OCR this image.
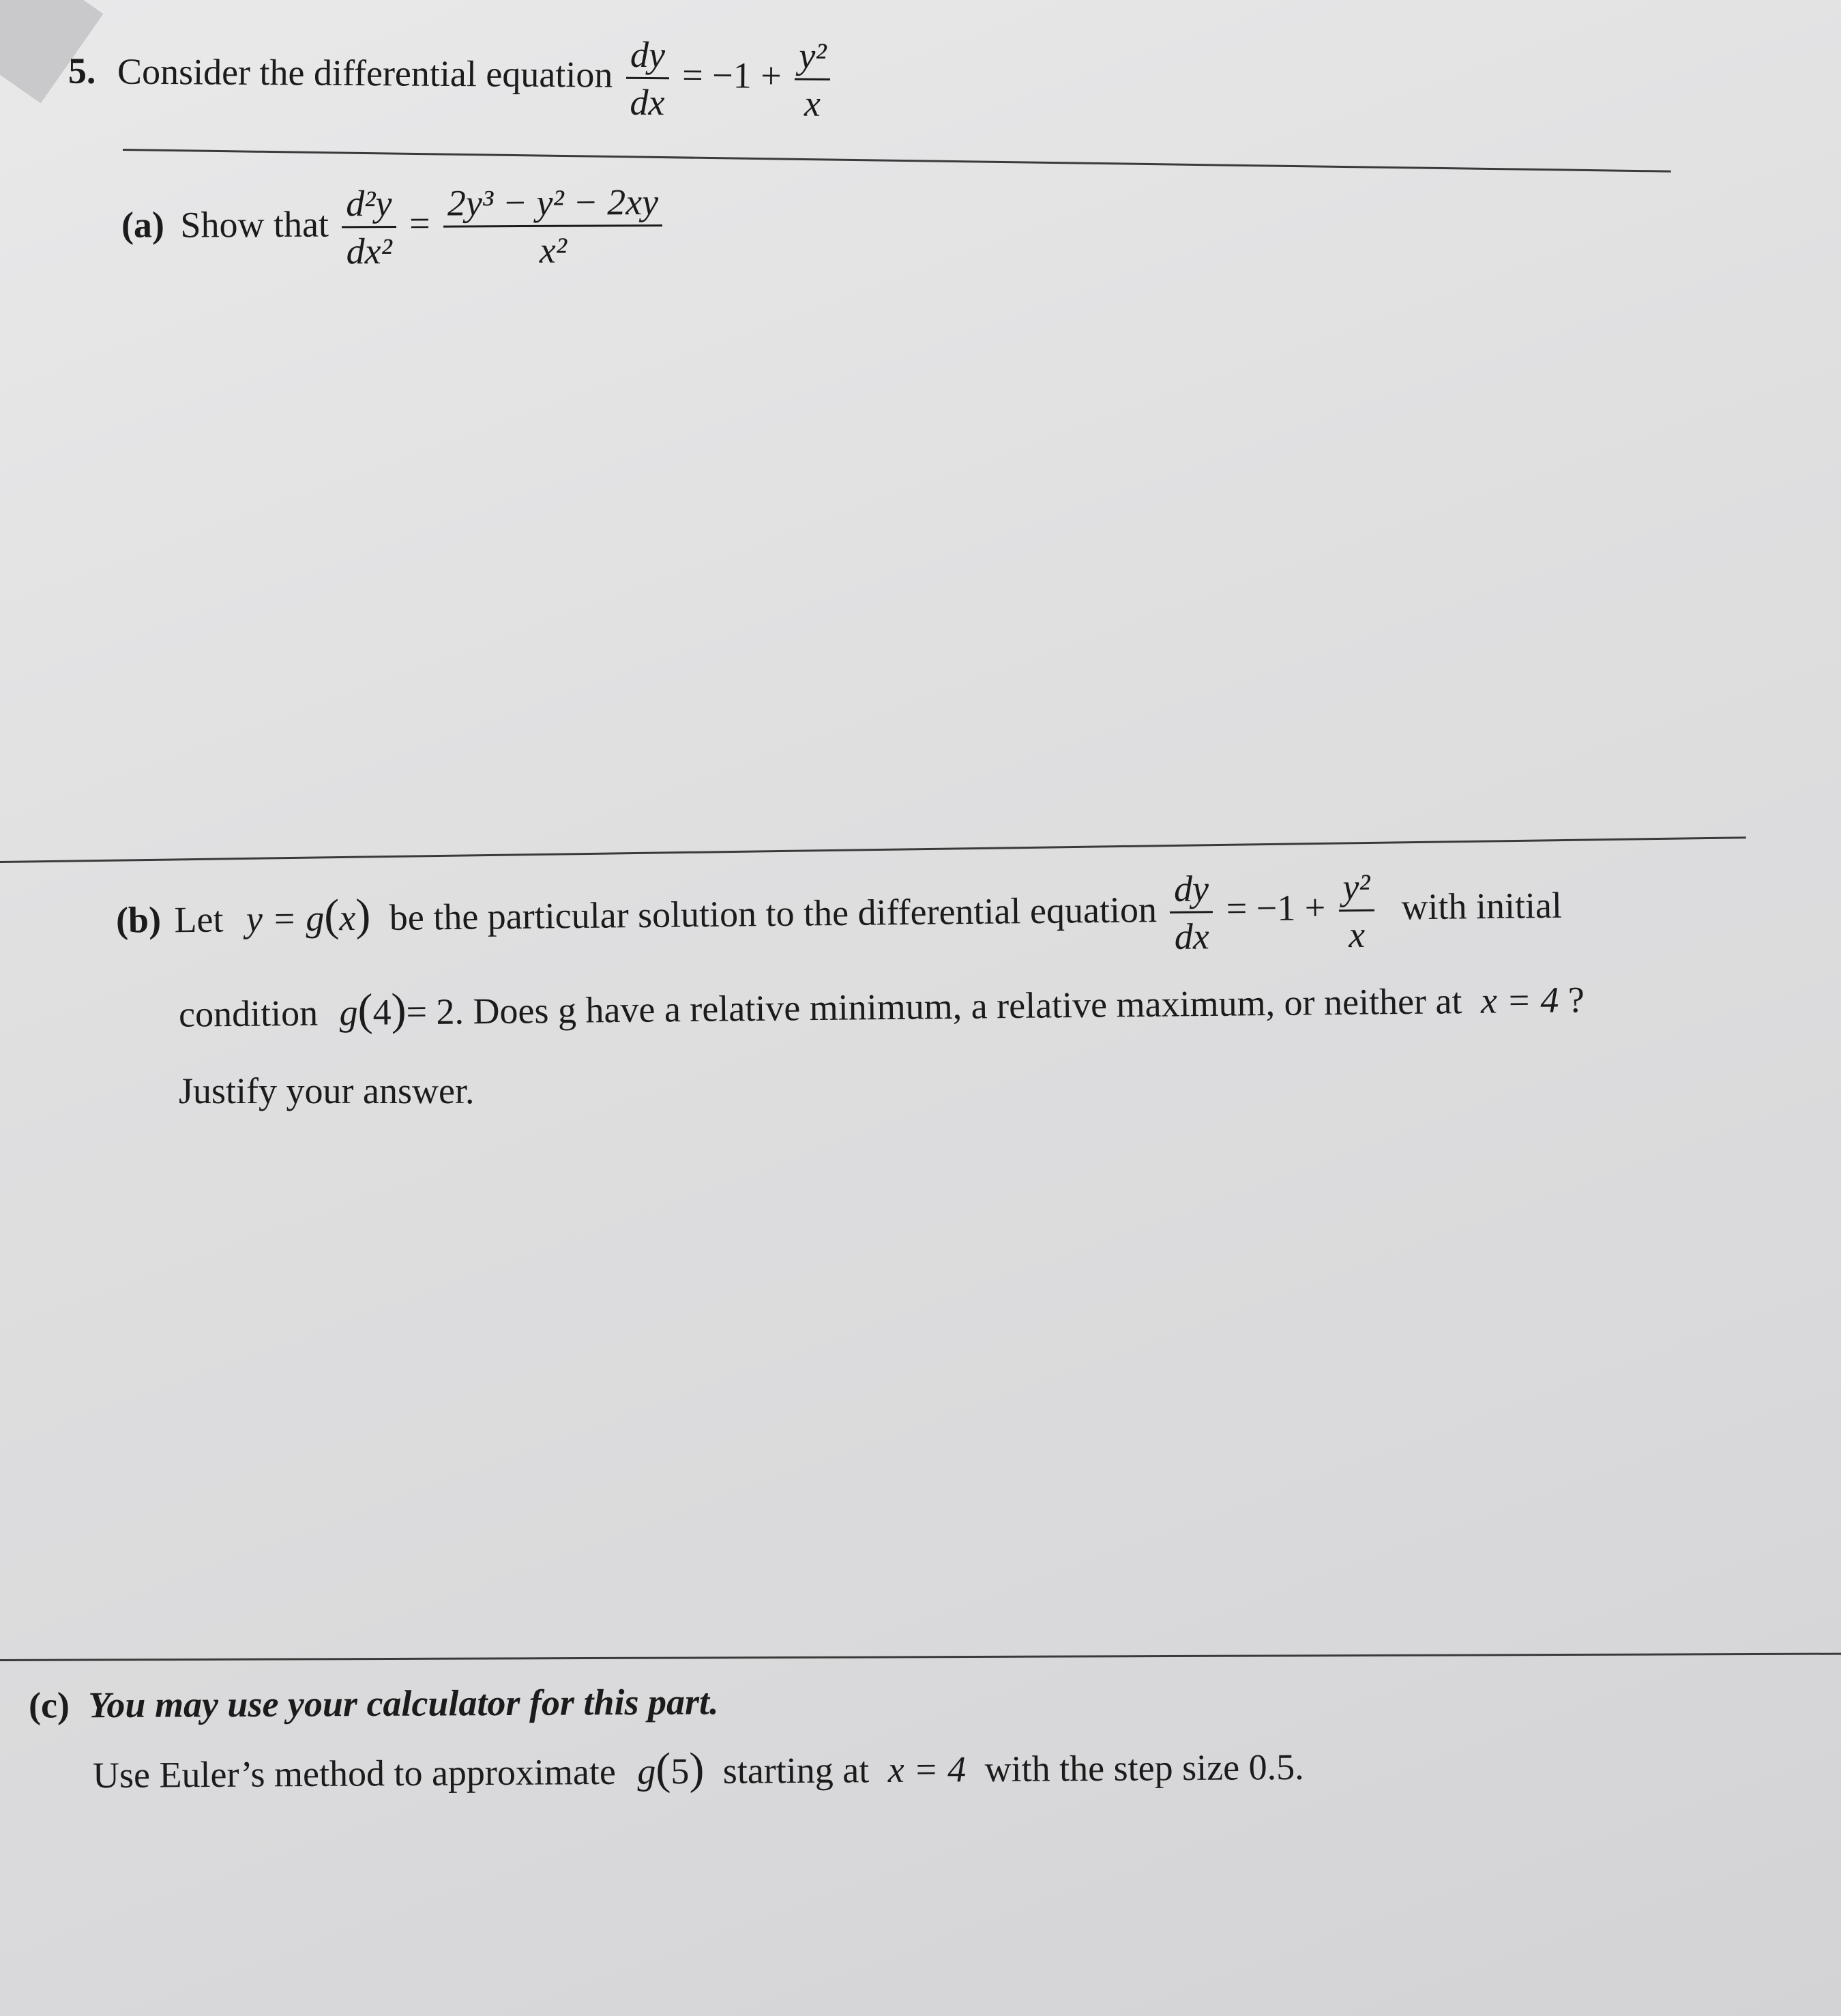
5. Consider the differential equation $\frac{dy}{dx} = -1 + \frac{\text{y²}}{x}$
(a) Show that $\frac{\text{d²y}}{\text{dx²}} = \frac{\text{2y³ − y² − 2xy}}{\text{x²}}$
(b) Let y = g(x) be the particular solution to the differential equation $\frac{dy}{dx} = -1 + \frac{\text{y²}}{x}$ with initial
condition g(4)= 2. Does g have a relative minimum, a relative maximum, or neither at x = 4 ?
Justify your answer.
(c) You may use your calculator for this part.
Use Euler’s method to approximate g(5) starting at x = 4 with the step size 0.5.
